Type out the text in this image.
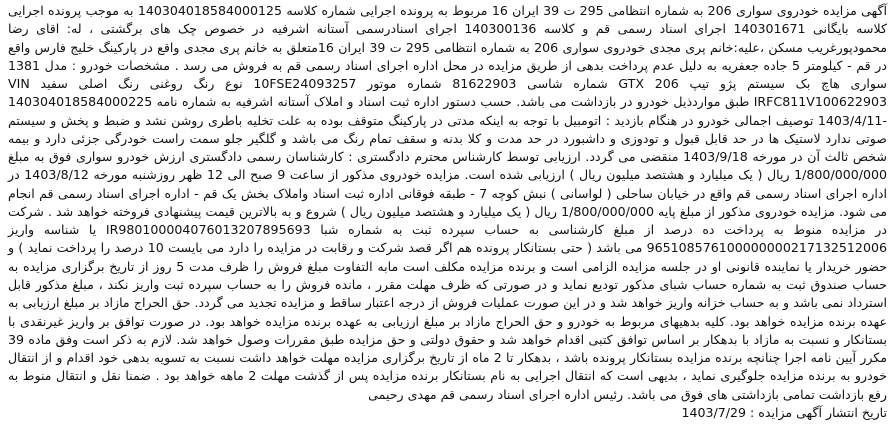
آگهی مزایده خودروی سواری 206 به شماره انتظامی 295 ت 39 ایران 16 مربوط به پرونده اجرایی شماره کلاسه 140304018584000125 به موجب پرونده اجرایی کلاسه بایگانی 140301671 اجرای اسناد رسمی قم و کلاسه 140300136 اجرای اسنادرسمی آستانه اشرفیه در خصوص چک های برگشتی ، له: اقای رضا محمودپورغریب مسکن ،علیه:خانم پری مجدی خودروی سواری 206 به شماره انتظامی 295 ت 39 ایران 16متعلق به خانم پری مجدی واقع در پارکینگ خلیج فارس واقع در قم - کیلومتر 5 جاده جعفریه به دلیل عدم پرداخت بدهی از طریق مزایده در محل اداره اجرای اسناد رسمی قم به فروش می رسد . مشخصات خودرو : مدل 1381 سواری هاچ بک سیستم پژو تیپ GTX 206 شماره شاسی 81622903 شماره موتور 10FSE24093257 نوع رنگ روغنی رنگ اصلی سفید VIN IRFC811V100622903 طبق مواردذیل خودرو در بازداشت می باشد. حسب دستور اداره ثبت اسناد و املاک آستانه اشرفیه به شماره نامه 140304018584000225 -1403/4/11 توصیف اجمالی خودرو در هنگام بازدید : اتومبیل با توجه به اینکه مدتی در پارکینگ متوقف بوده به علت تخلیه باطری روشن نشد و ضبط و پخش و سیستم صوتی ندارد لاستیک ها در حد قابل قبول و تودوزی و داشبورد در حد مدت و کلا بدنه و سقف تمام رنگ می باشد و گلگیر جلو سمت راست خودرگی جزئی دارد و بیمه شخص ثالث آن در مورخه 1403/9/18 منقضی می گردد. ارزیابی توسط کارشناس محترم دادگستری : کارشناسان رسمی دادگستری ارزش خودرو سواری فوق به مبلغ 1/800/000/000 ریال ( یک میلیارد و هشتصد میلیون ریال ) ارزیابی شده است. مزایده خودروی مذکور از ساعت 9 صبح الی 12 ظهر روزشنبه مورخه 1403/8/12 در اداره اجرای اسناد رسمی قم واقع در خیابان ساحلی ( لواسانی ) نبش کوچه 7 - طبقه فوقانی اداره ثبت اسناد واملاک بخش یک قم - اداره اجرای اسناد رسمی قم انجام می شود. مزایده خودروی مذکور از مبلغ پایه 1/800/000/000 ریال ( یک میلیارد و هشتصد میلیون ریال ) شروع و به بالاترین قیمت پیشنهادی فروخته خواهد شد . شرکت در مزایده منوط به پرداخت ده درصد از مبلغ کارشناسی به حساب سپرده ثبت به شماره شبا IR980100004076013207895693 یا شناسه واریز 965108576100000000217132512006 می باشد ( حتی بستانکار پرونده هم اگر قصد شرکت و رقابت در مزایده را دارد می بایست 10 درصد را پرداخت نماید ) و حضور خریدار یا نماینده قانونی او در جلسه مزایده الزامی است و برنده مزایده مکلف است مابه التفاوت مبلغ فروش را ظرف مدت 5 روز از تاریخ برگزاری مزایده به حساب صندوق ثبت به شماره حساب شبای مذکور تودیع نماید و در صورتی که ظرف مهلت مقرر ، مانده فروش را به حساب سپرده ثبت واریز نکند ، مبلغ مذکور قابل استرداد نمی باشد و به حساب خزانه واریز خواهد شد و در این صورت عملیات فروش از درجه اعتبار ساقط و مزایده تجدید می گردد. حق الحراج مازاد بر مبلغ ارزیابی به عهده برنده مزایده خواهد بود. کلیه بدهیهای مربوط به خودرو و حق الحراج مازاد بر مبلغ ارزیابی به عهده برنده مزایده خواهد بود. در صورت توافق بر واریز غیرنقدی با بستانکار و نسبت به مازاد با بدهکار بر اساس توافق کتبی اقدام خواهد شد و حقوق دولتی و حق مزایده طبق مقررات وصول خواهد شد. لازم به ذکر است وفق ماده 39 مکرر آیین نامه اجرا چنانچه برنده مزایده بستانکار پرونده باشد ، بدهکار تا 2 ماه از تاریخ برگزاری مزایده مهلت خواهد داشت نسبت به تسویه بدهی خود اقدام و از انتقال خودرو به برنده مزایده جلوگیری نماید ، بدیهی است که انتقال اجرایی به نام بستانکار برنده مزایده پس از گذشت مهلت 2 ماهه خواهد بود . ضمنا نقل و انتقال منوط به رفع بازداشت تمامی بازداشتی های فوق می باشد. رئیس اداره اجرای اسناد رسمی قم مهدی رحیمی

تاریخ انتشار آگهی مزایده : 1403/7/29
